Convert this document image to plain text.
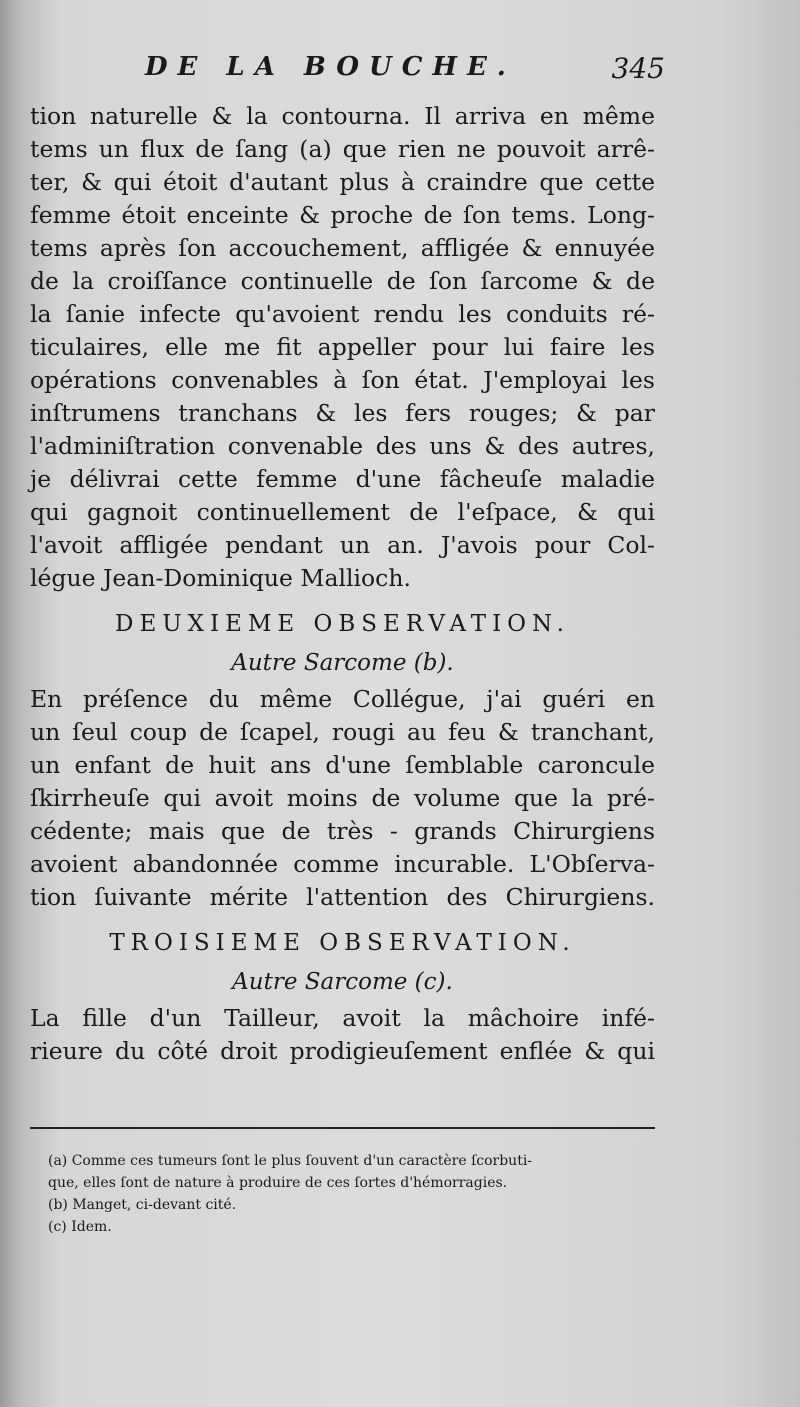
DE LA BOUCHE.	345
tion naturelle & la contourna. Il arriva en même
tems un flux de ſang (a) que rien ne pouvoit arrê-
ter, & qui étoit d'autant plus à craindre que cette
femme étoit enceinte & proche de ſon tems. Long-
tems après ſon accouchement, affligée & ennuyée
de la croiſſance continuelle de ſon ſarcome & de
la ſanie infecte qu'avoient rendu les conduits ré-
ticulaires, elle me fit appeller pour lui faire les
opérations convenables à ſon état. J'employai les
inſtrumens tranchans & les fers rouges; & par
l'adminiſtration convenable des uns & des autres,
je délivrai cette femme d'une fâcheuſe maladie
qui gagnoit continuellement de l'eſpace, & qui
l'avoit affligée pendant un an. J'avois pour Col-
légue Jean-Dominique Mallioch.
DEUXIEME OBSERVATION.
Autre Sarcome (b).
En préſence du même Collégue, j'ai guéri en
un ſeul coup de ſcapel, rougi au feu & tranchant,
un enfant de huit ans d'une ſemblable caroncule
ſkirrheuſe qui avoit moins de volume que la pré-
cédente; mais que de très - grands Chirurgiens
avoient abandonnée comme incurable. L'Obſerva-
tion ſuivante mérite l'attention des Chirurgiens.
TROISIEME OBSERVATION.
Autre Sarcome (c).
La fille d'un Tailleur, avoit la mâchoire infé-
rieure du côté droit prodigieuſement enflée & qui
(a) Comme ces tumeurs ſont le plus ſouvent d'un caractère ſcorbuti-
que, elles ſont de nature à produire de ces ſortes d'hémorragies.
(b) Manget, ci-devant cité.
(c) Idem.
